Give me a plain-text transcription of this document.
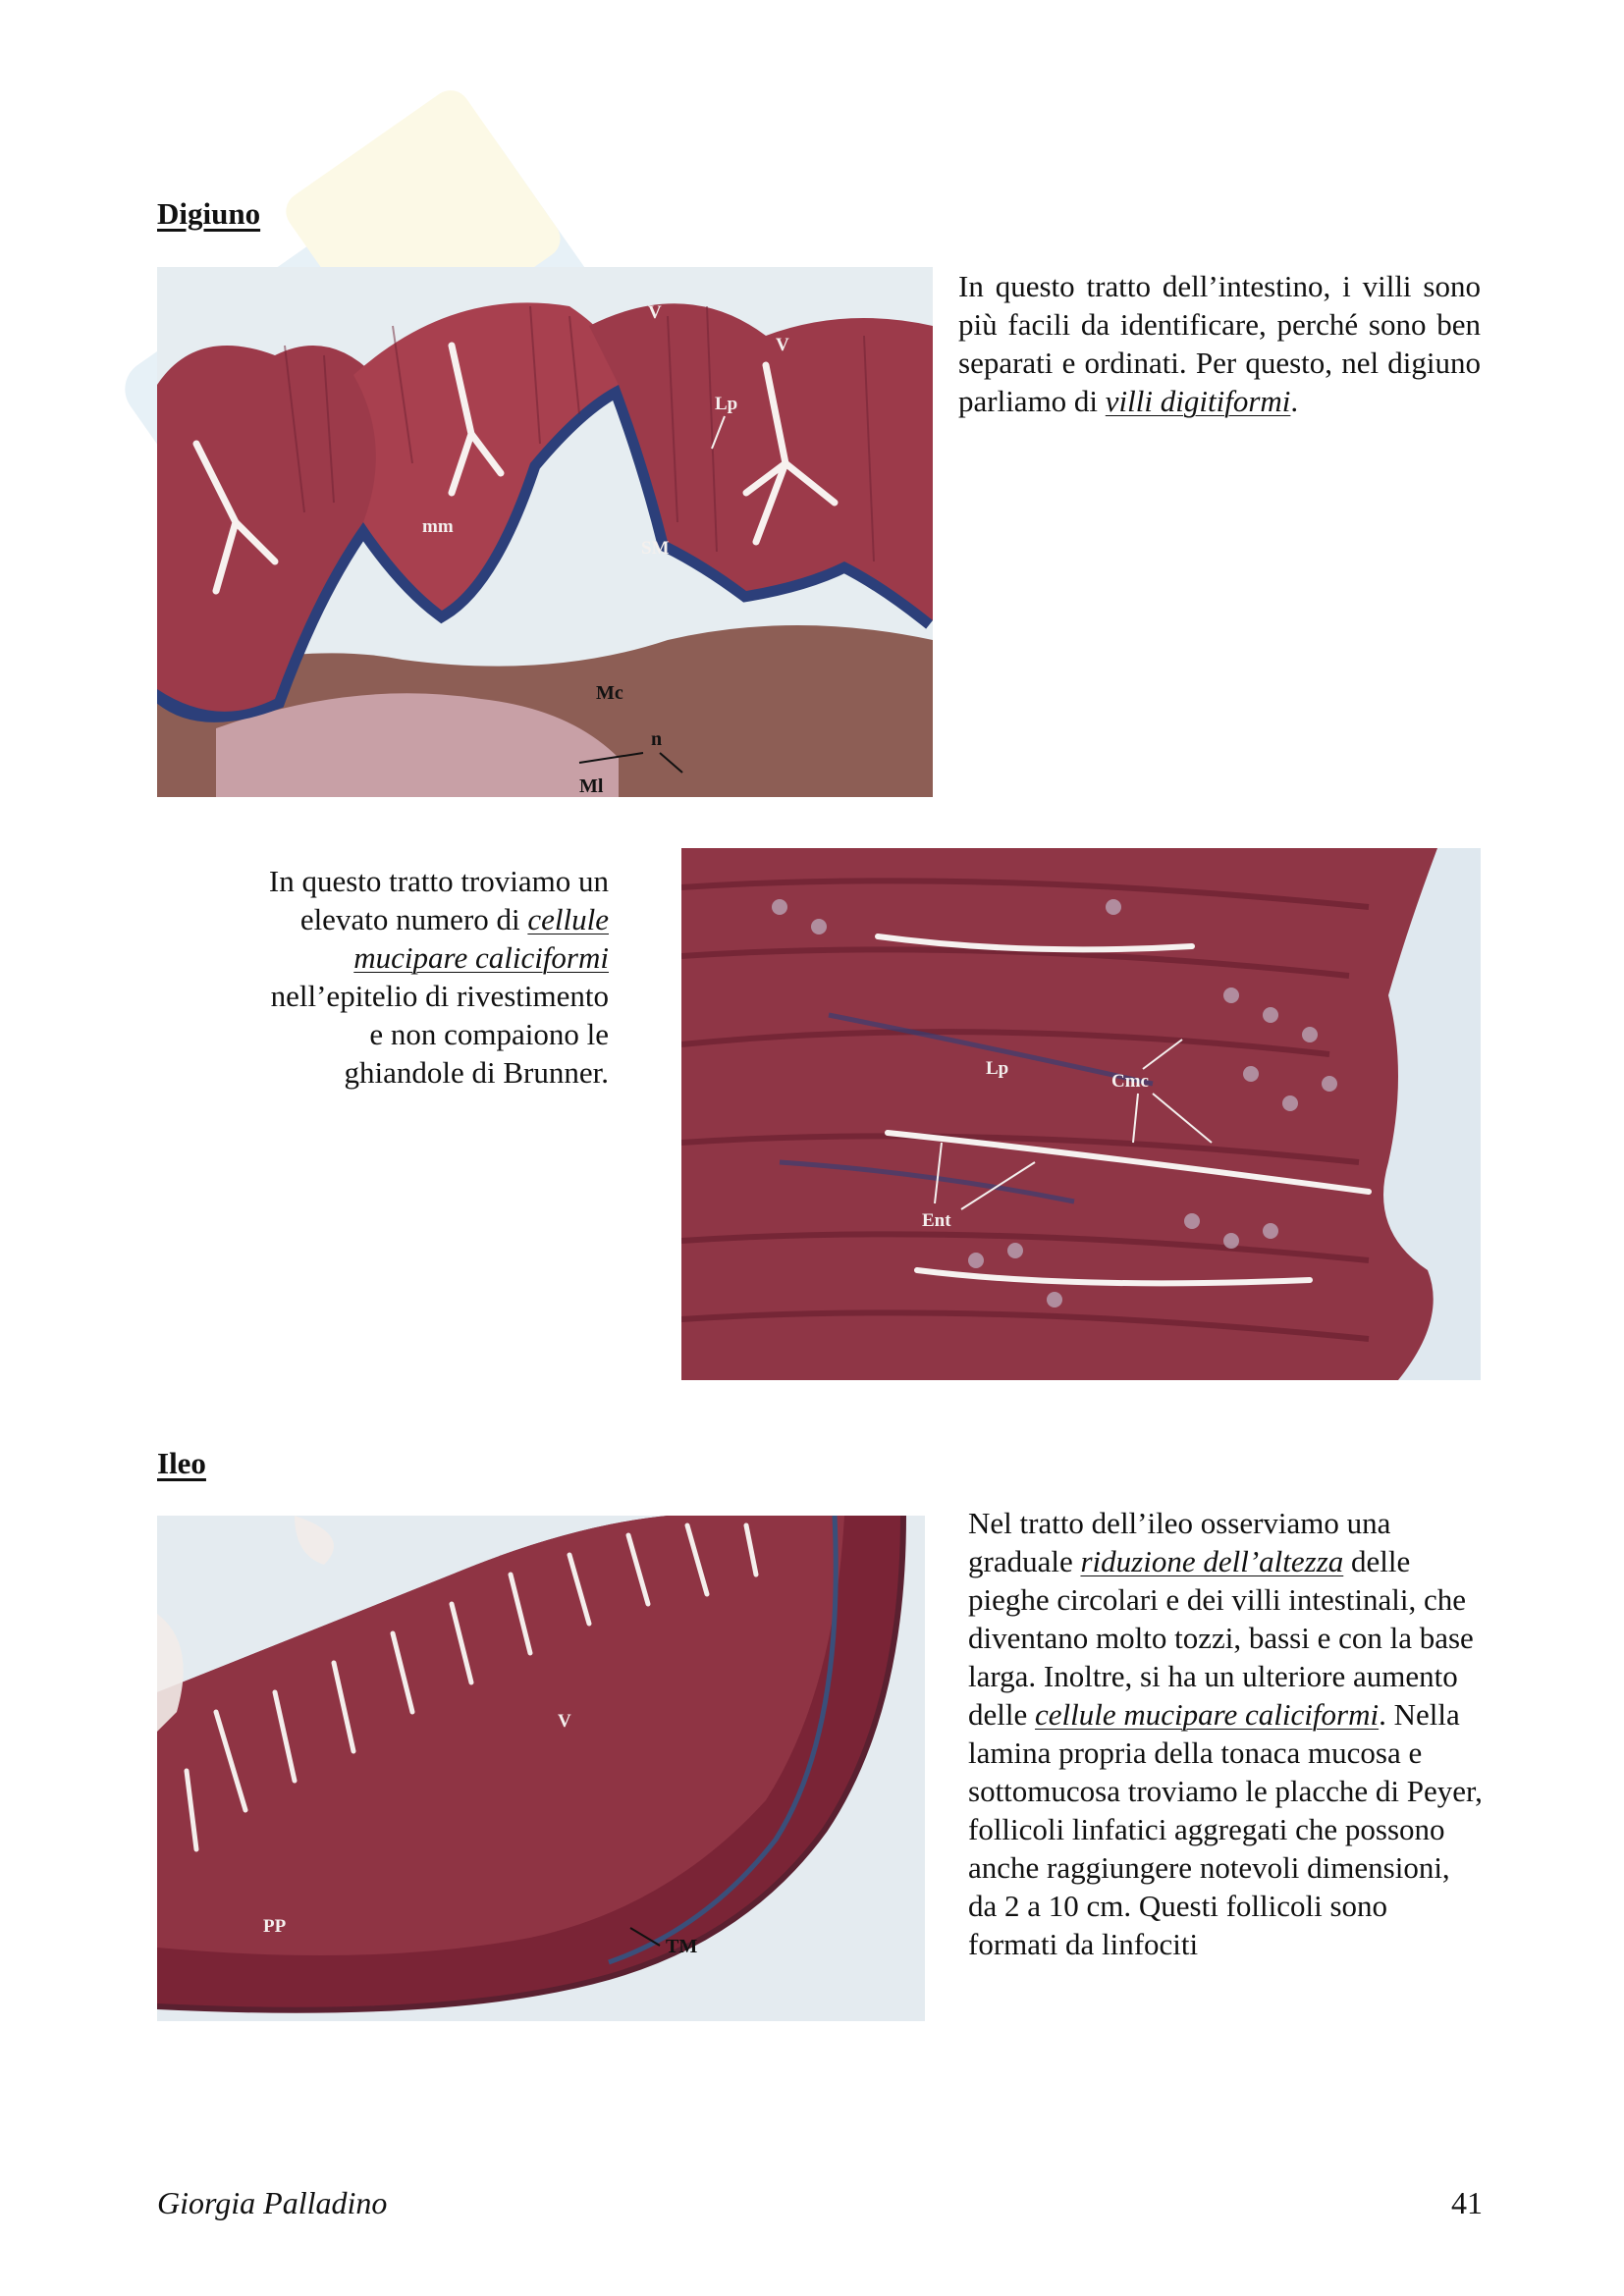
Digiuno
V
V
Lp
mm
SM
Mc
n
Ml
In questo tratto dell’intestino, i villi sono più facili da identificare, perché sono ben separati e ordinati. Per questo, nel digiuno parliamo di villi digitiformi.
In questo tratto troviamo un elevato numero di cellule mucipare caliciformi nell’epitelio di rivestimento e non compaiono le ghiandole di Brunner.	Lp
Cmc
Ent
Ileo
V
PP
TM
Nel tratto dell’ileo osserviamo una graduale riduzione dell’altezza delle pieghe circolari e dei villi intestinali, che diventano molto tozzi, bassi e con la base larga. Inoltre, si ha un ulteriore aumento delle cellule mucipare caliciformi. Nella lamina propria della tonaca mucosa e sottomucosa troviamo le placche di Peyer, follicoli linfatici aggregati che possono anche raggiungere notevoli dimensioni, da 2 a 10 cm. Questi follicoli sono formati da linfociti
Giorgia Palladino	41
